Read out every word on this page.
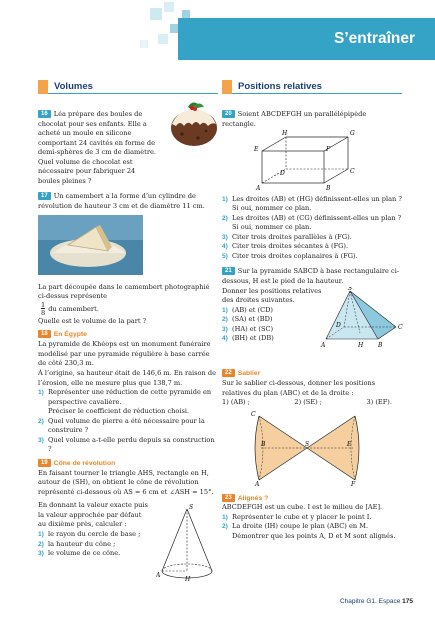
S’entraîner
Volumes

16 Léa prépare des boules de chocolat pour ses enfants. Elle a acheté un moule en silicone comportant 24 cavités en forme de demi-sphères de 3 cm de diamètre. Quel volume de chocolat est nécessaire pour fabriquer 24 boules pleines ?

17 Un camembert a la forme d’un cylindre de révolution de hauteur 3 cm et de diamètre 11 cm.

La part découpée dans le camembert photographié ci-dessus représente
1
8
du camembert.

Quelle est le volume de la part ?

18 En Égypte

La pyramide de Khéops est un monument funéraire modélisé par une pyramide régulière à base carrée de côté 230,3 m.

À l’origine, sa hauteur était de 146,6 m. En raison de l’érosion, elle ne mesure plus que 138,7 m.

1) Représenter une réduction de cette pyramide en perspective cavalière.
Préciser le coefficient de réduction choisi.
2) Quel volume de pierre a été nécessaire pour la construire ?
3) Quel volume a-t-elle perdu depuis sa construction ?

19 Cône de révolution

En faisant tourner le triangle AHS, rectangle en H, autour de (SH), on obtient le cône de révolution représenté ci-dessous où AS = 6 cm et ∠ASH = 15°.

En donnant la valeur exacte puis la valeur approchée par défaut au dixième près, calculer :

1) le rayon du cercle de base ;
2) la hauteur du cône ;
3) le volume de ce cône.
S
A
H
Positions relatives

20 Soient ABCDEFGH un parallélépipède rectangle.

H	G
E	F
D	C
A	B
1) Les droites (AB) et (HG) définissent-elles un plan ? Si oui, nommer ce plan.
2) Les droites (AB) et (CG) définissent-elles un plan ? Si oui, nommer ce plan.
3) Citer trois droites parallèles à (FG).
4) Citer trois droites sécantes à (FG).
5) Citer trois droites coplanaires à (FG).

21 Sur la pyramide SABCD à base rectangulaire ci-dessous, H est le pied de la hauteur.

Donner les positions relatives des droites suivantes.

1) (AB) et (CD)
2) (SA) et (BD)
3) (HA) et (SC)
4) (BH) et (DB)
S
D	C
A	H B

22 Sablier

Sur le sablier ci-dessous, donner les positions relatives du plan (ABC) et de la droite :

1) (AB) ;	2) (SE) ;	3) (EF).
C
B	S	E
A	F

23 Alignés ?

ABCDEFGH est un cube. I est le milieu de [AE].

1) Représenter le cube et y placer le point I.
2) La droite (IH) coupe le plan (ABC) en M. Démontrer que les points A, D et M sont alignés.
Chapitre G1. Espace 175
